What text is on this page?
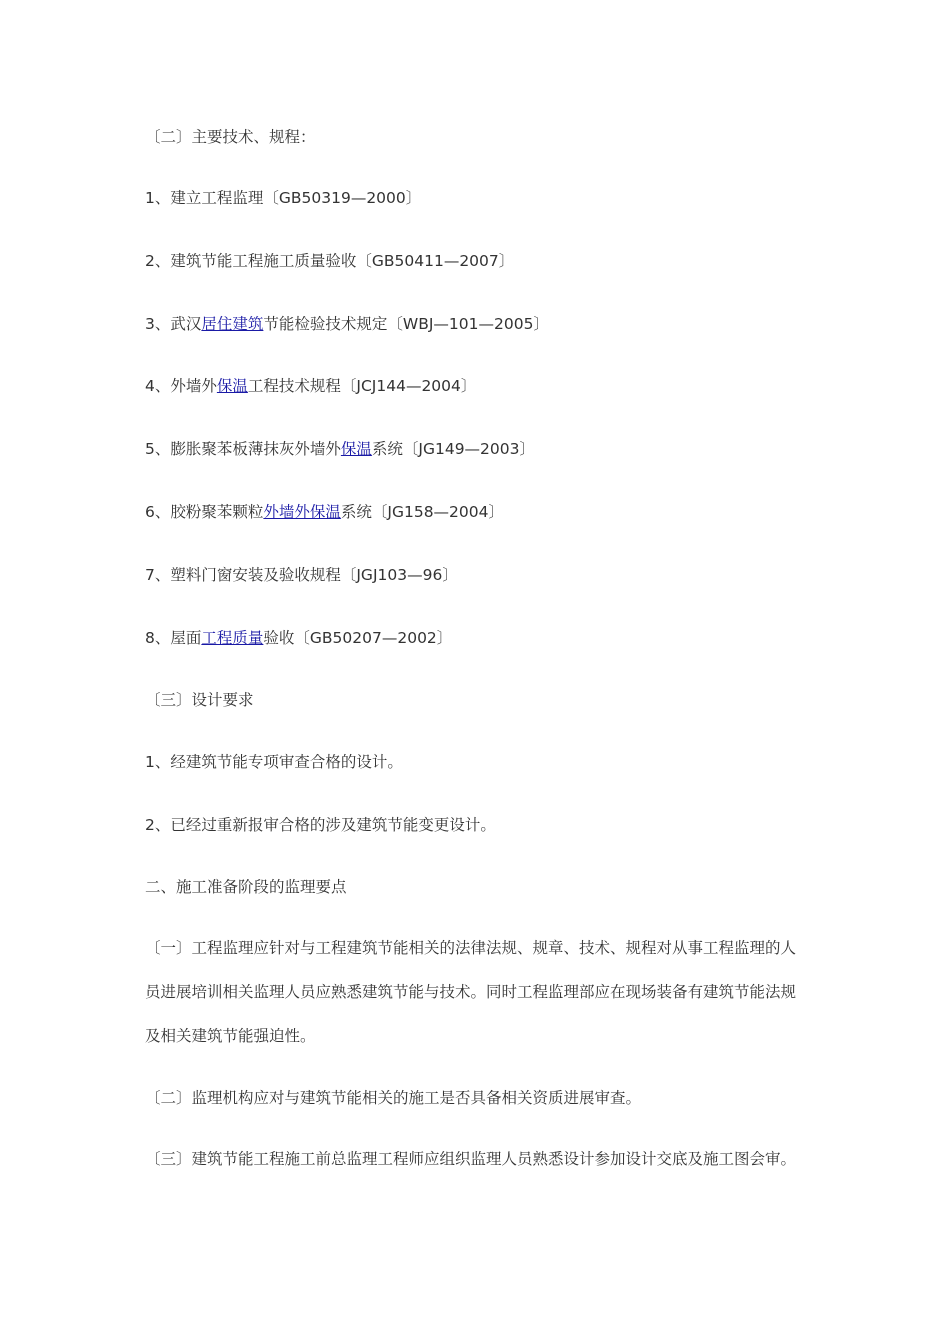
〔二〕主要技术、规程：
1、建立工程监理〔GB50319—2000〕
2、建筑节能工程施工质量验收〔GB50411—2007〕
3、武汉居住建筑节能检验技术规定〔WBJ—101—2005〕
4、外墙外保温工程技术规程〔JCJ144—2004〕
5、膨胀聚苯板薄抹灰外墙外保温系统〔JG149—2003〕
6、胶粉聚苯颗粒外墙外保温系统〔JG158—2004〕
7、塑料门窗安装及验收规程〔JGJ103—96〕
8、屋面工程质量验收〔GB50207—2002〕
〔三〕设计要求
1、经建筑节能专项审查合格的设计。
2、已经过重新报审合格的涉及建筑节能变更设计。
二、施工准备阶段的监理要点
〔一〕工程监理应针对与工程建筑节能相关的法律法规、规章、技术、规程对从事工程监理的人员进展培训相关监理人员应熟悉建筑节能与技术。同时工程监理部应在现场装备有建筑节能法规及相关建筑节能强迫性。
〔二〕监理机构应对与建筑节能相关的施工是否具备相关资质进展审查。
〔三〕建筑节能工程施工前总监理工程师应组织监理人员熟悉设计参加设计交底及施工图会审。
